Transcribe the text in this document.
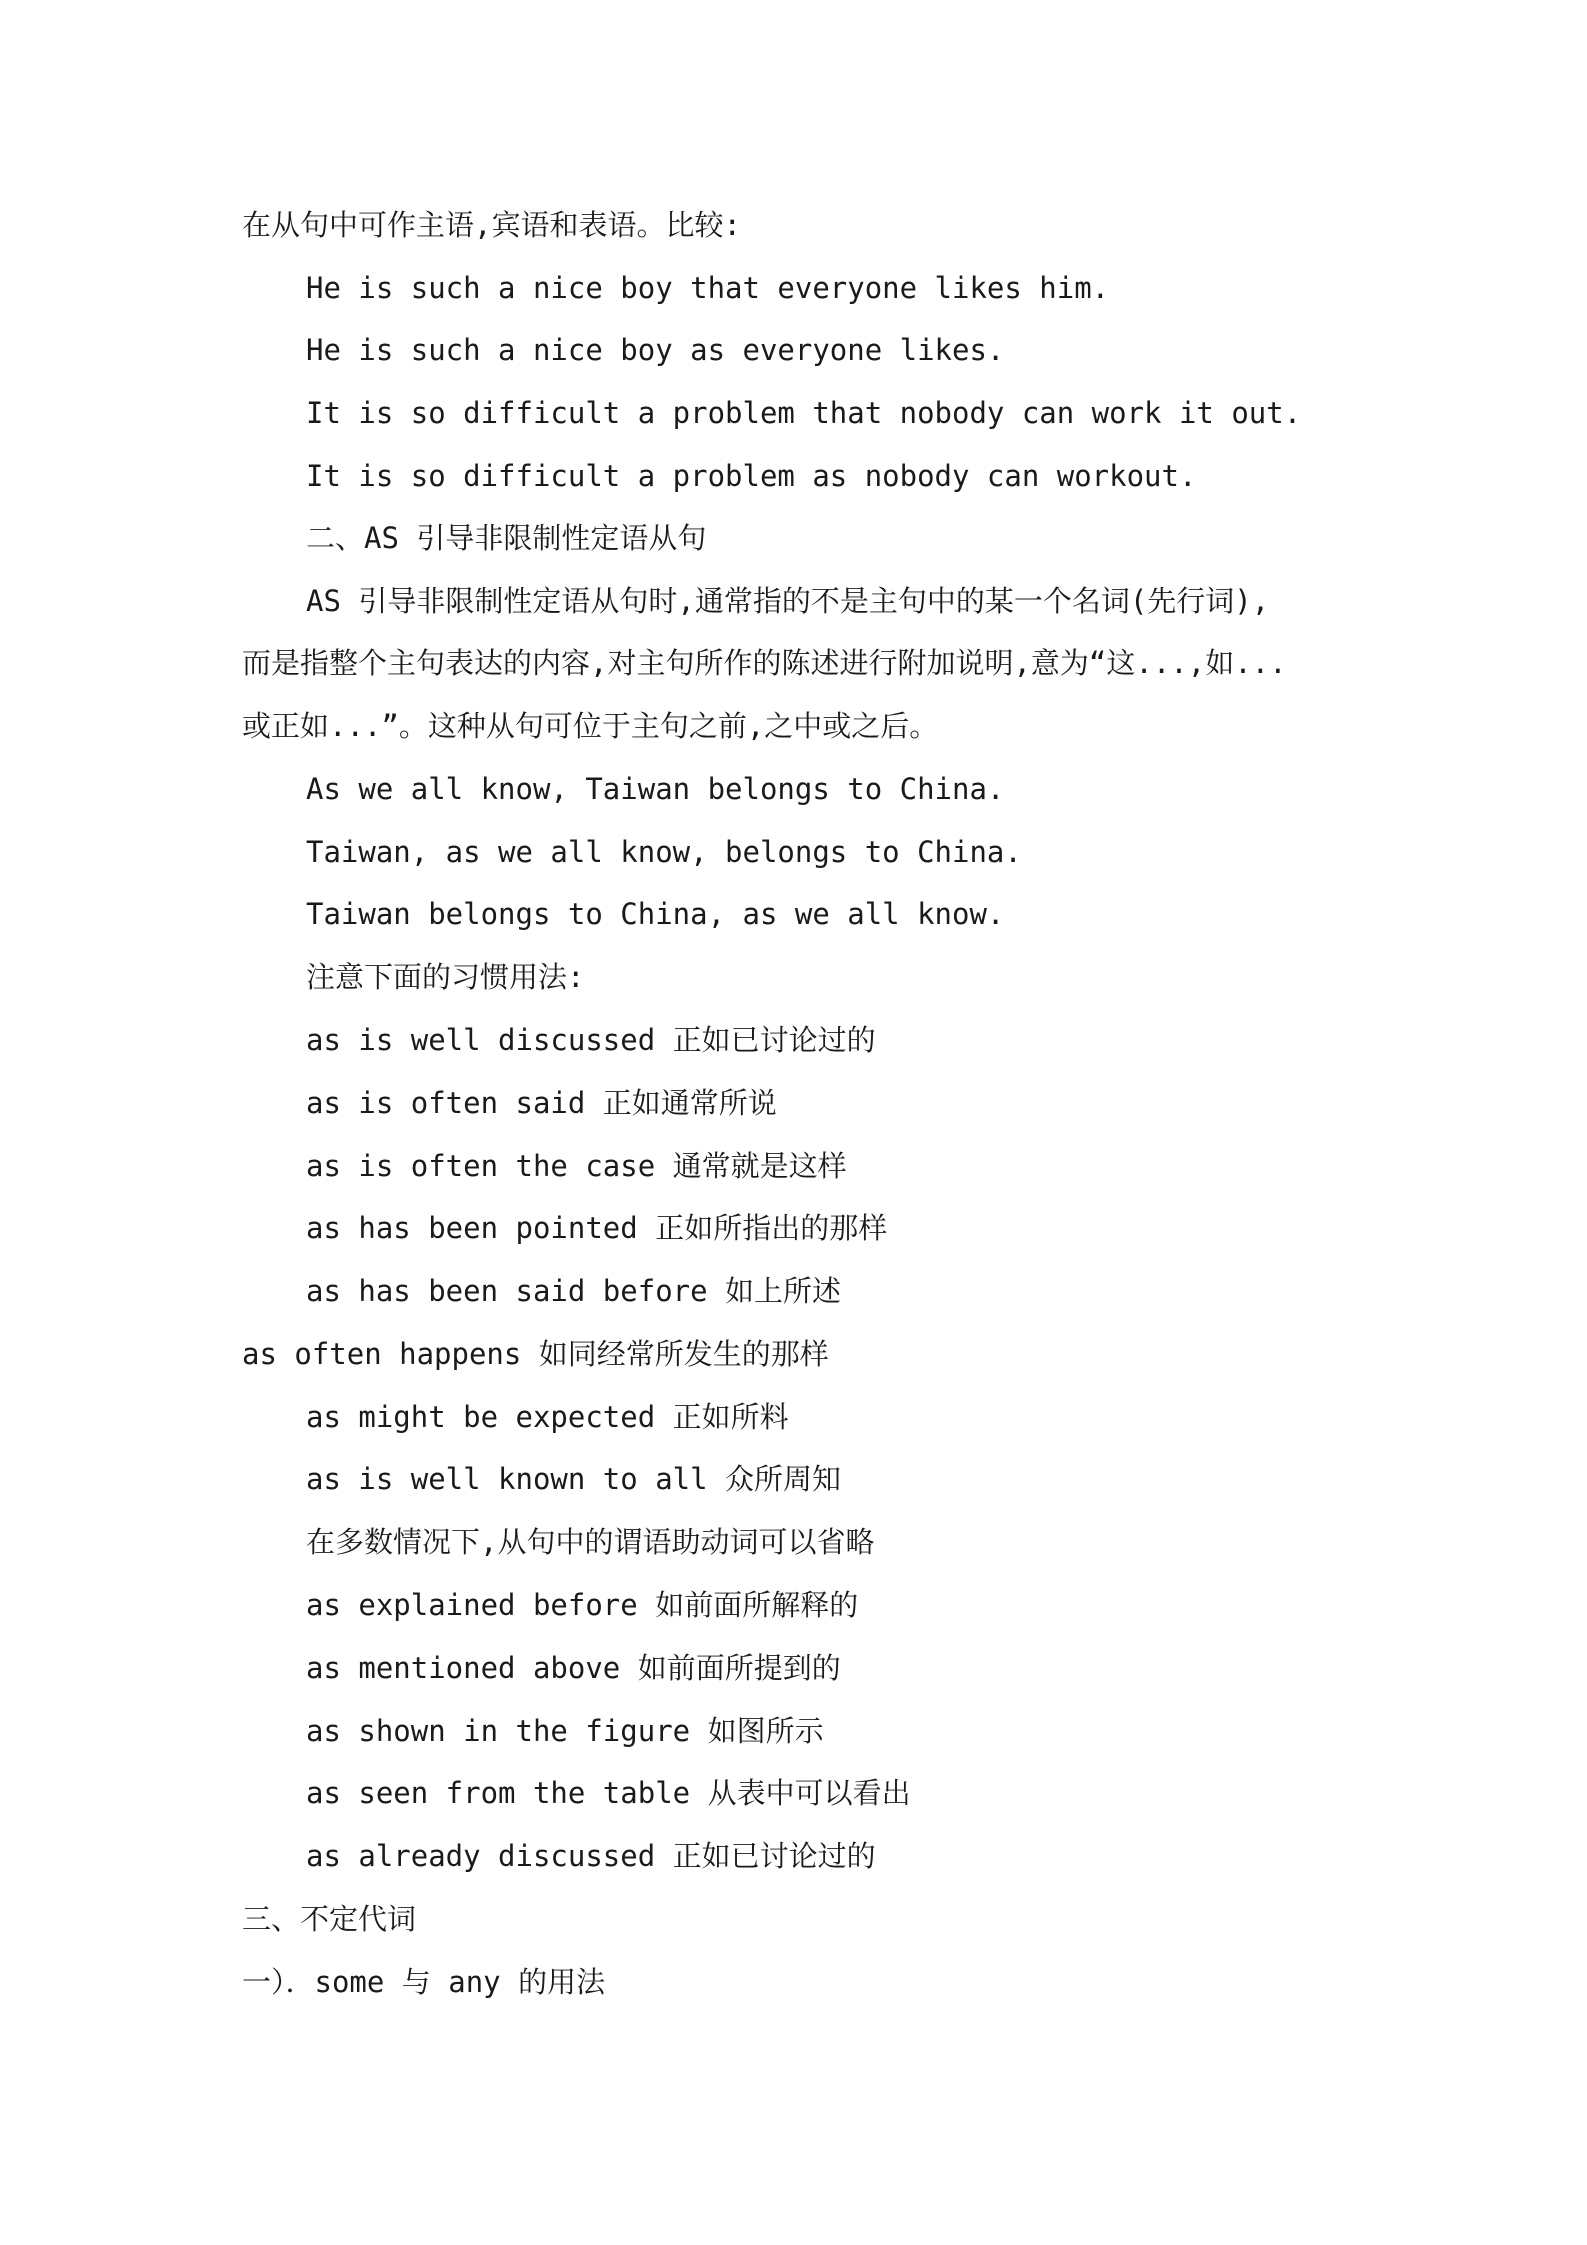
在从句中可作主语,宾语和表语。比较:
He is such a nice boy that everyone likes him.
He is such a nice boy as everyone likes.
It is so difficult a problem that nobody can work it out.
It is so difficult a problem as nobody can workout.
二、AS 引导非限制性定语从句
AS 引导非限制性定语从句时,通常指的不是主句中的某一个名词(先行词),
而是指整个主句表达的内容,对主句所作的陈述进行附加说明,意为“这...,如...
或正如...”。这种从句可位于主句之前,之中或之后。
As we all know, Taiwan belongs to China.
Taiwan, as we all know, belongs to China.
Taiwan belongs to China, as we all know.
注意下面的习惯用法:
as is well discussed 正如已讨论过的
as is often said 正如通常所说
as is often the case 通常就是这样
as has been pointed 正如所指出的那样
as has been said before 如上所述
as often happens 如同经常所发生的那样
as might be expected 正如所料
as is well known to all 众所周知
在多数情况下,从句中的谓语助动词可以省略
as explained before 如前面所解释的
as mentioned above 如前面所提到的
as shown in the figure 如图所示
as seen from the table 从表中可以看出
as already discussed 正如已讨论过的
三、不定代词
一）．some 与 any 的用法
